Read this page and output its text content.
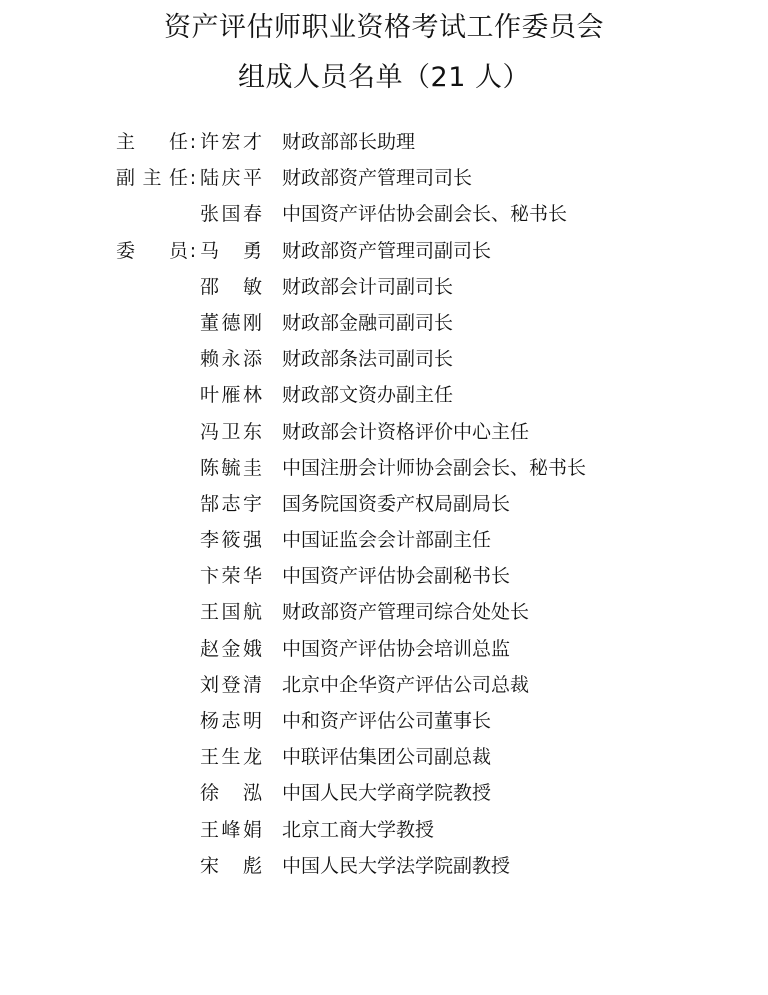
资产评估师职业资格考试工作委员会
组成人员名单（21 人）
主 任 : 许宏才 财政部部长助理
副 主 任 : 陆庆平 财政部资产管理司司长
张国春 中国资产评估协会副会长、秘书长
委 员 : 马 勇 财政部资产管理司副司长
邵 敏 财政部会计司副司长
董德刚 财政部金融司副司长
赖永添 财政部条法司副司长
叶雁林 财政部文资办副主任
冯卫东 财政部会计资格评价中心主任
陈毓圭 中国注册会计师协会副会长、秘书长
郜志宇 国务院国资委产权局副局长
李筱强 中国证监会会计部副主任
卞荣华 中国资产评估协会副秘书长
王国航 财政部资产管理司综合处处长
赵金娥 中国资产评估协会培训总监
刘登清 北京中企华资产评估公司总裁
杨志明 中和资产评估公司董事长
王生龙 中联评估集团公司副总裁
徐 泓 中国人民大学商学院教授
王峰娟 北京工商大学教授
宋 彪 中国人民大学法学院副教授
